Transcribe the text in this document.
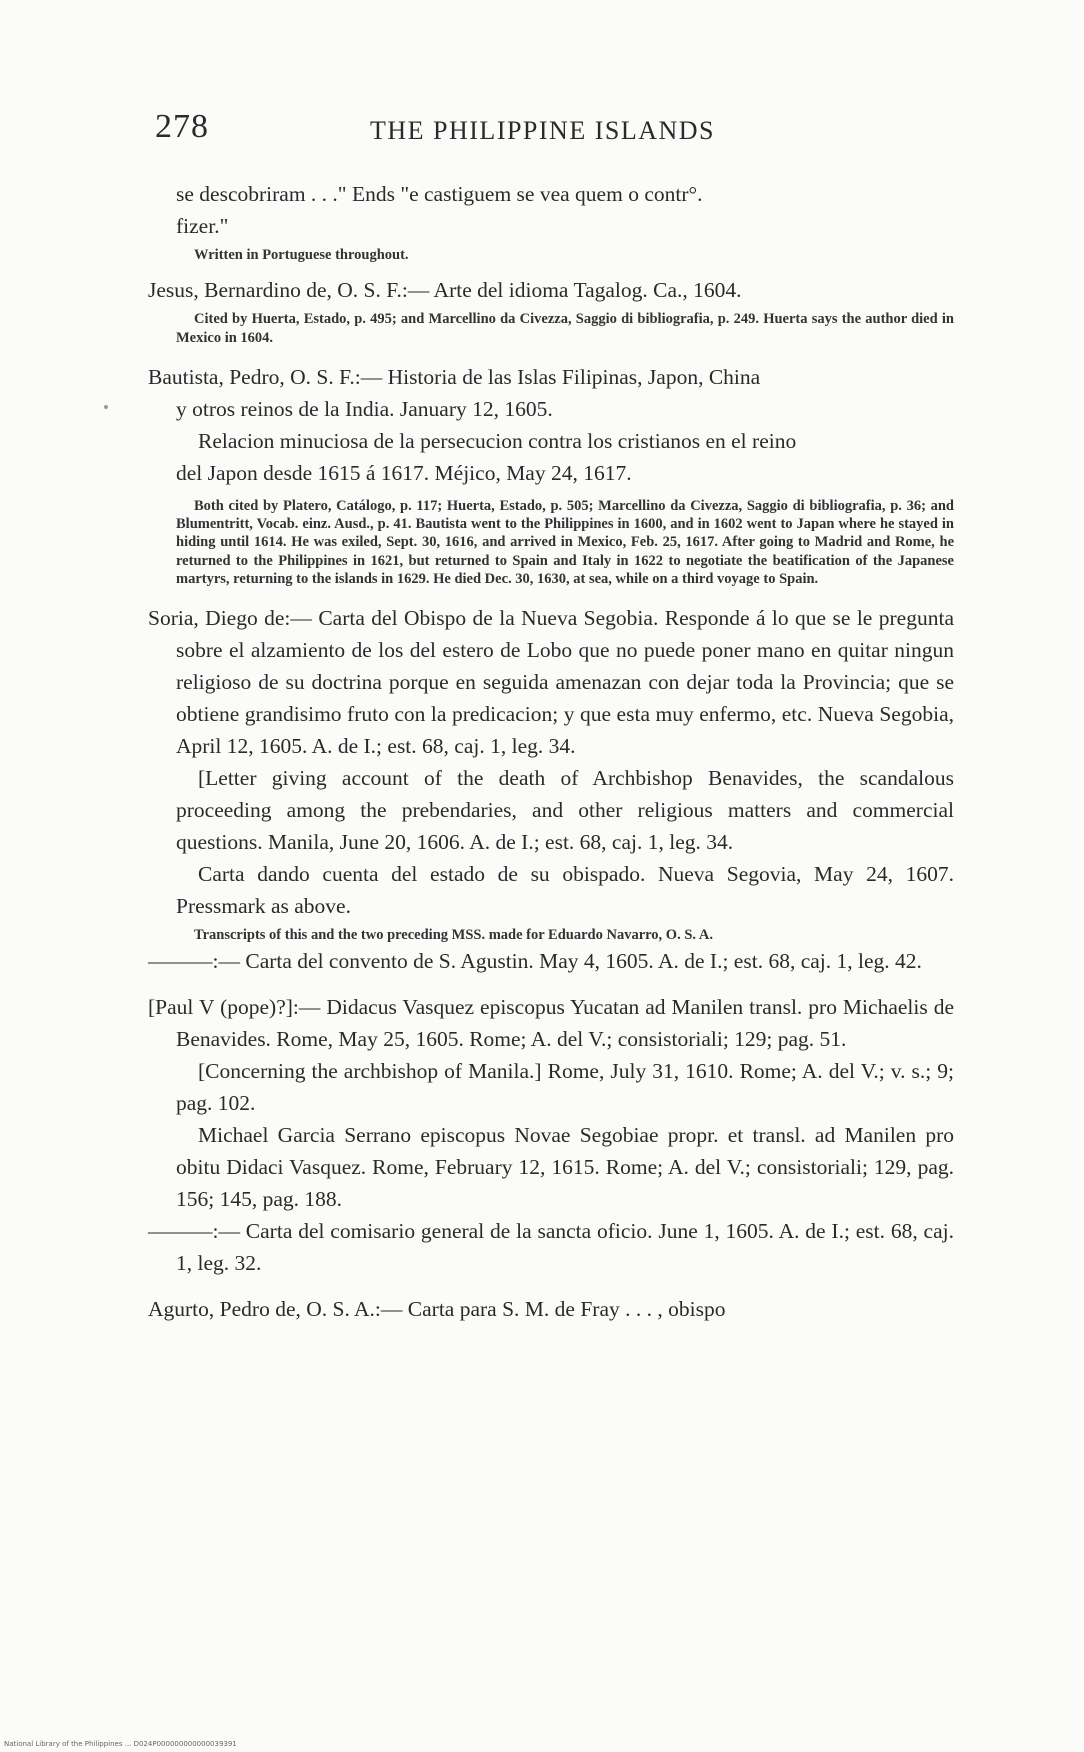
278	THE PHILIPPINE ISLANDS

se descobriram . . ." Ends "e castiguem se vea quem o contr°.
fizer."

Written in Portuguese throughout.

Jesus, Bernardino de, O. S. F.:— Arte del idioma Tagalog. Ca., 1604.

Cited by Huerta, Estado, p. 495; and Marcellino da Civezza, Saggio di bibliografia, p. 249. Huerta says the author died in Mexico in 1604.

Bautista, Pedro, O. S. F.:— Historia de las Islas Filipinas, Japon, China
y otros reinos de la India. January 12, 1605.

Relacion minuciosa de la persecucion contra los cristianos en el reino
del Japon desde 1615 á 1617. Méjico, May 24, 1617.

Both cited by Platero, Catálogo, p. 117; Huerta, Estado, p. 505; Marcellino da Civezza, Saggio di bibliografia, p. 36; and Blumentritt, Vocab. einz. Ausd., p. 41. Bautista went to the Philippines in 1600, and in 1602 went to Japan where he stayed in hiding until 1614. He was exiled, Sept. 30, 1616, and arrived in Mexico, Feb. 25, 1617. After going to Madrid and Rome, he returned to the Philippines in 1621, but returned to Spain and Italy in 1622 to negotiate the beatification of the Japanese martyrs, returning to the islands in 1629. He died Dec. 30, 1630, at sea, while on a third voyage to Spain.

Soria, Diego de:— Carta del Obispo de la Nueva Segobia. Responde á lo que se le pregunta sobre el alzamiento de los del estero de Lobo que no puede poner mano en quitar ningun religioso de su doctrina porque en seguida amenazan con dejar toda la Provincia; que se obtiene grandisimo fruto con la predicacion; y que esta muy enfermo, etc. Nueva Segobia, April 12, 1605. A. de I.; est. 68, caj. 1, leg. 34.

[Letter giving account of the death of Archbishop Benavides, the scandalous proceeding among the prebendaries, and other religious matters and commercial questions. Manila, June 20, 1606. A. de I.; est. 68, caj. 1, leg. 34.

Carta dando cuenta del estado de su obispado. Nueva Segovia, May 24, 1607. Pressmark as above.

Transcripts of this and the two preceding MSS. made for Eduardo Navarro, O. S. A.

———:— Carta del convento de S. Agustin. May 4, 1605. A. de I.; est. 68, caj. 1, leg. 42.

[Paul V (pope)?]:— Didacus Vasquez episcopus Yucatan ad Manilen transl. pro Michaelis de Benavides. Rome, May 25, 1605. Rome; A. del V.; consistoriali; 129; pag. 51.

[Concerning the archbishop of Manila.] Rome, July 31, 1610. Rome; A. del V.; v. s.; 9; pag. 102.

Michael Garcia Serrano episcopus Novae Segobiae propr. et transl. ad Manilen pro obitu Didaci Vasquez. Rome, February 12, 1615. Rome; A. del V.; consistoriali; 129, pag. 156; 145, pag. 188.

———:— Carta del comisario general de la sancta oficio. June 1, 1605. A. de I.; est. 68, caj. 1, leg. 32.

Agurto, Pedro de, O. S. A.:— Carta para S. M. de Fray . . . , obispo

National Library of the Philippines ... D024P000000000000039391
